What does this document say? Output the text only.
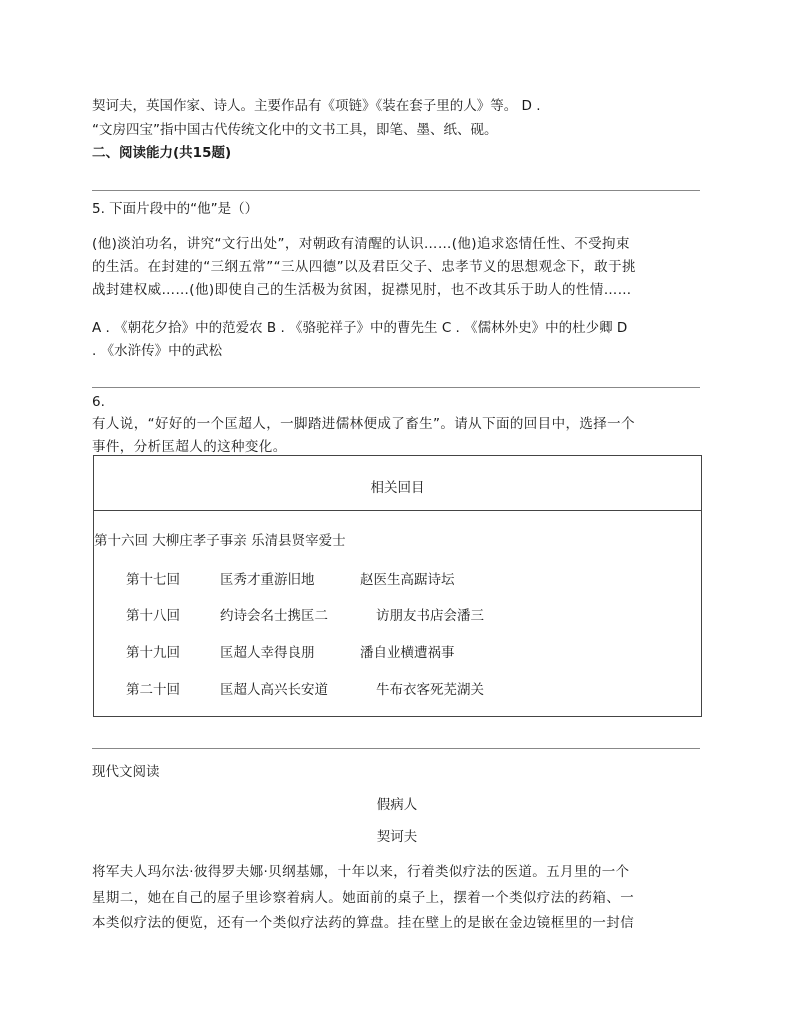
契诃夫，英国作家、诗人。主要作品有《项链》《装在套子里的人》等。 D .
“文房四宝”指中国古代传统文化中的文书工具，即笔、墨、纸、砚。
二、阅读能力(共15题)
5. 下面片段中的“他”是（）
(他)淡泊功名，讲究“文行出处”，对朝政有清醒的认识……(他)追求恣情任性、不受拘束
的生活。在封建的“三纲五常”“三从四德”以及君臣父子、忠孝节义的思想观念下，敢于挑
战封建权威……(他)即使自己的生活极为贫困，捉襟见肘，也不改其乐于助人的性情……
A . 《朝花夕拾》中的范爱农 B . 《骆驼祥子》中的曹先生 C . 《儒林外史》中的杜少卿 D
. 《水浒传》中的武松
6.
有人说，“好好的一个匡超人，一脚踏进儒林便成了畜生”。请从下面的回目中，选择一个
事件，分析匡超人的这种变化。
相关回目
第十六回 大柳庄孝子事亲 乐清县贤宰爱士
第十七回	匡秀才重游旧地	赵医生高踞诗坛
第十八回	约诗会名士携匡二	访朋友书店会潘三
第十九回	匡超人幸得良朋	潘自业横遭祸事
第二十回	匡超人高兴长安道	牛布衣客死芜湖关
现代文阅读
假病人
契诃夫
将军夫人玛尔法·彼得罗夫娜·贝纲基娜，十年以来，行着类似疗法的医道。五月里的一个
星期二，她在自己的屋子里诊察着病人。她面前的桌子上，摆着一个类似疗法的药箱、一
本类似疗法的便览，还有一个类似疗法药的算盘。挂在壁上的是嵌在金边镜框里的一封信
